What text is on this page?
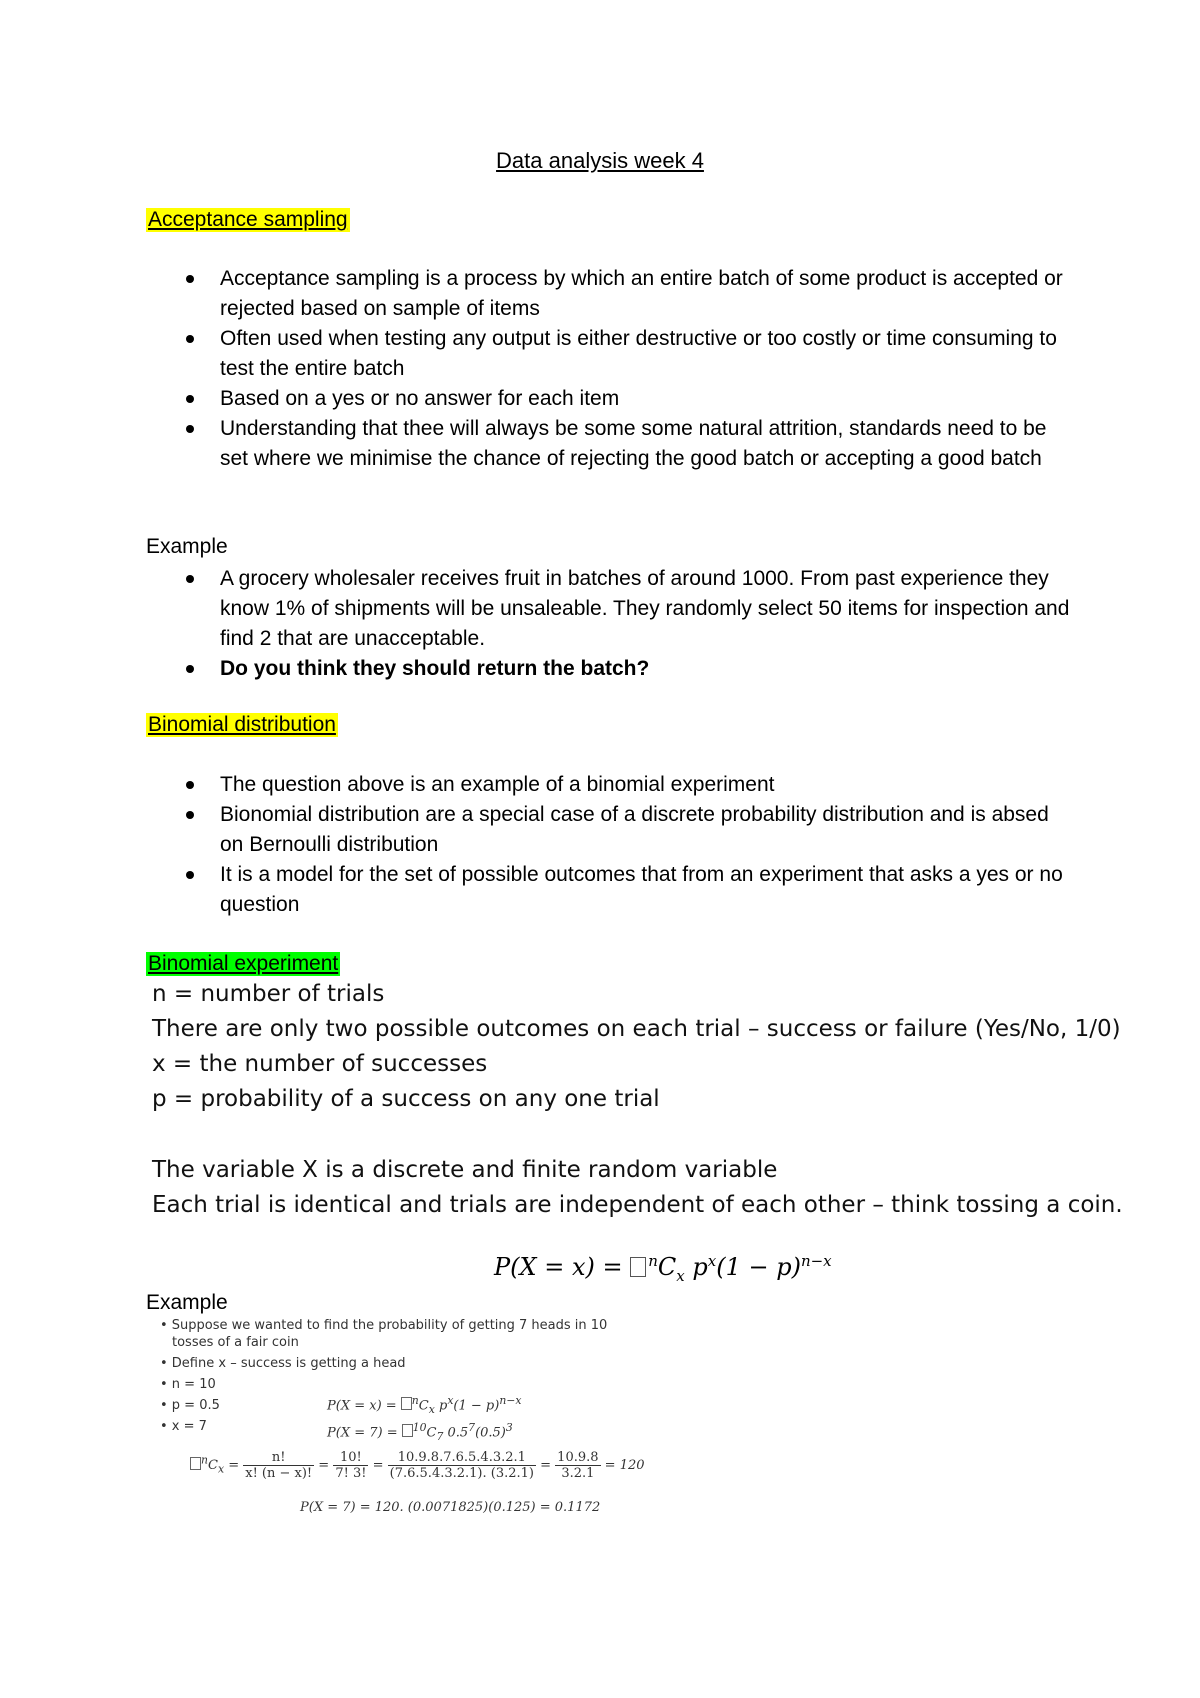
Data analysis week 4
Acceptance sampling
Acceptance sampling is a process by which an entire batch of some product is accepted or rejected based on sample of items
Often used when testing any output is either destructive or too costly or time consuming to test the entire batch
Based on a yes or no answer for each item
Understanding that thee will always be some some natural attrition, standards need to be set where we minimise the chance of rejecting the good batch or accepting a good batch
Example
A grocery wholesaler receives fruit in batches of around 1000. From past experience they know 1% of shipments will be unsaleable. They randomly select 50 items for inspection and find 2 that are unacceptable.
Do you think they should return the batch?
Binomial distribution
The question above is an example of a binomial experiment
Bionomial distribution are a special case of a discrete probability distribution and is absed on Bernoulli distribution
It is a model for the set of possible outcomes that from an experiment that asks a yes or no question
Binomial experiment
n = number of trials
There are only two possible outcomes on each trial – success or failure (Yes/No, 1/0)
x = the number of successes
p = probability of a success on any one trial
The variable X is a discrete and finite random variable
Each trial is identical and trials are independent of each other – think tossing a coin.
$P(X = x) = ^nC_x$ $p^x(1 - p)^{n-x}$
Example
• Suppose we wanted to find the probability of getting 7 heads in 10
tosses of a fair coin
• Define x – success is getting a head
• n = 10
• p = 0.5
• x = 7
$P(X = x) = ^nC_x$ $p^x(1 - p)^{n-x}$
$P(X = 7) = ^{10}C_7$ $0.5^7(0.5)^3$
$^nC_x = \frac{n!}{x! (n - x)!} = \frac{10!}{7! 3!} = \frac{10.9.8.7.6.5.4.3.2.1}{(7.6.5.4.3.2.1). (3.2.1)} = \frac{10.9.8}{3.2.1} = 120$
P(X = 7) = 120. (0.0071825)(0.125) = 0.1172
